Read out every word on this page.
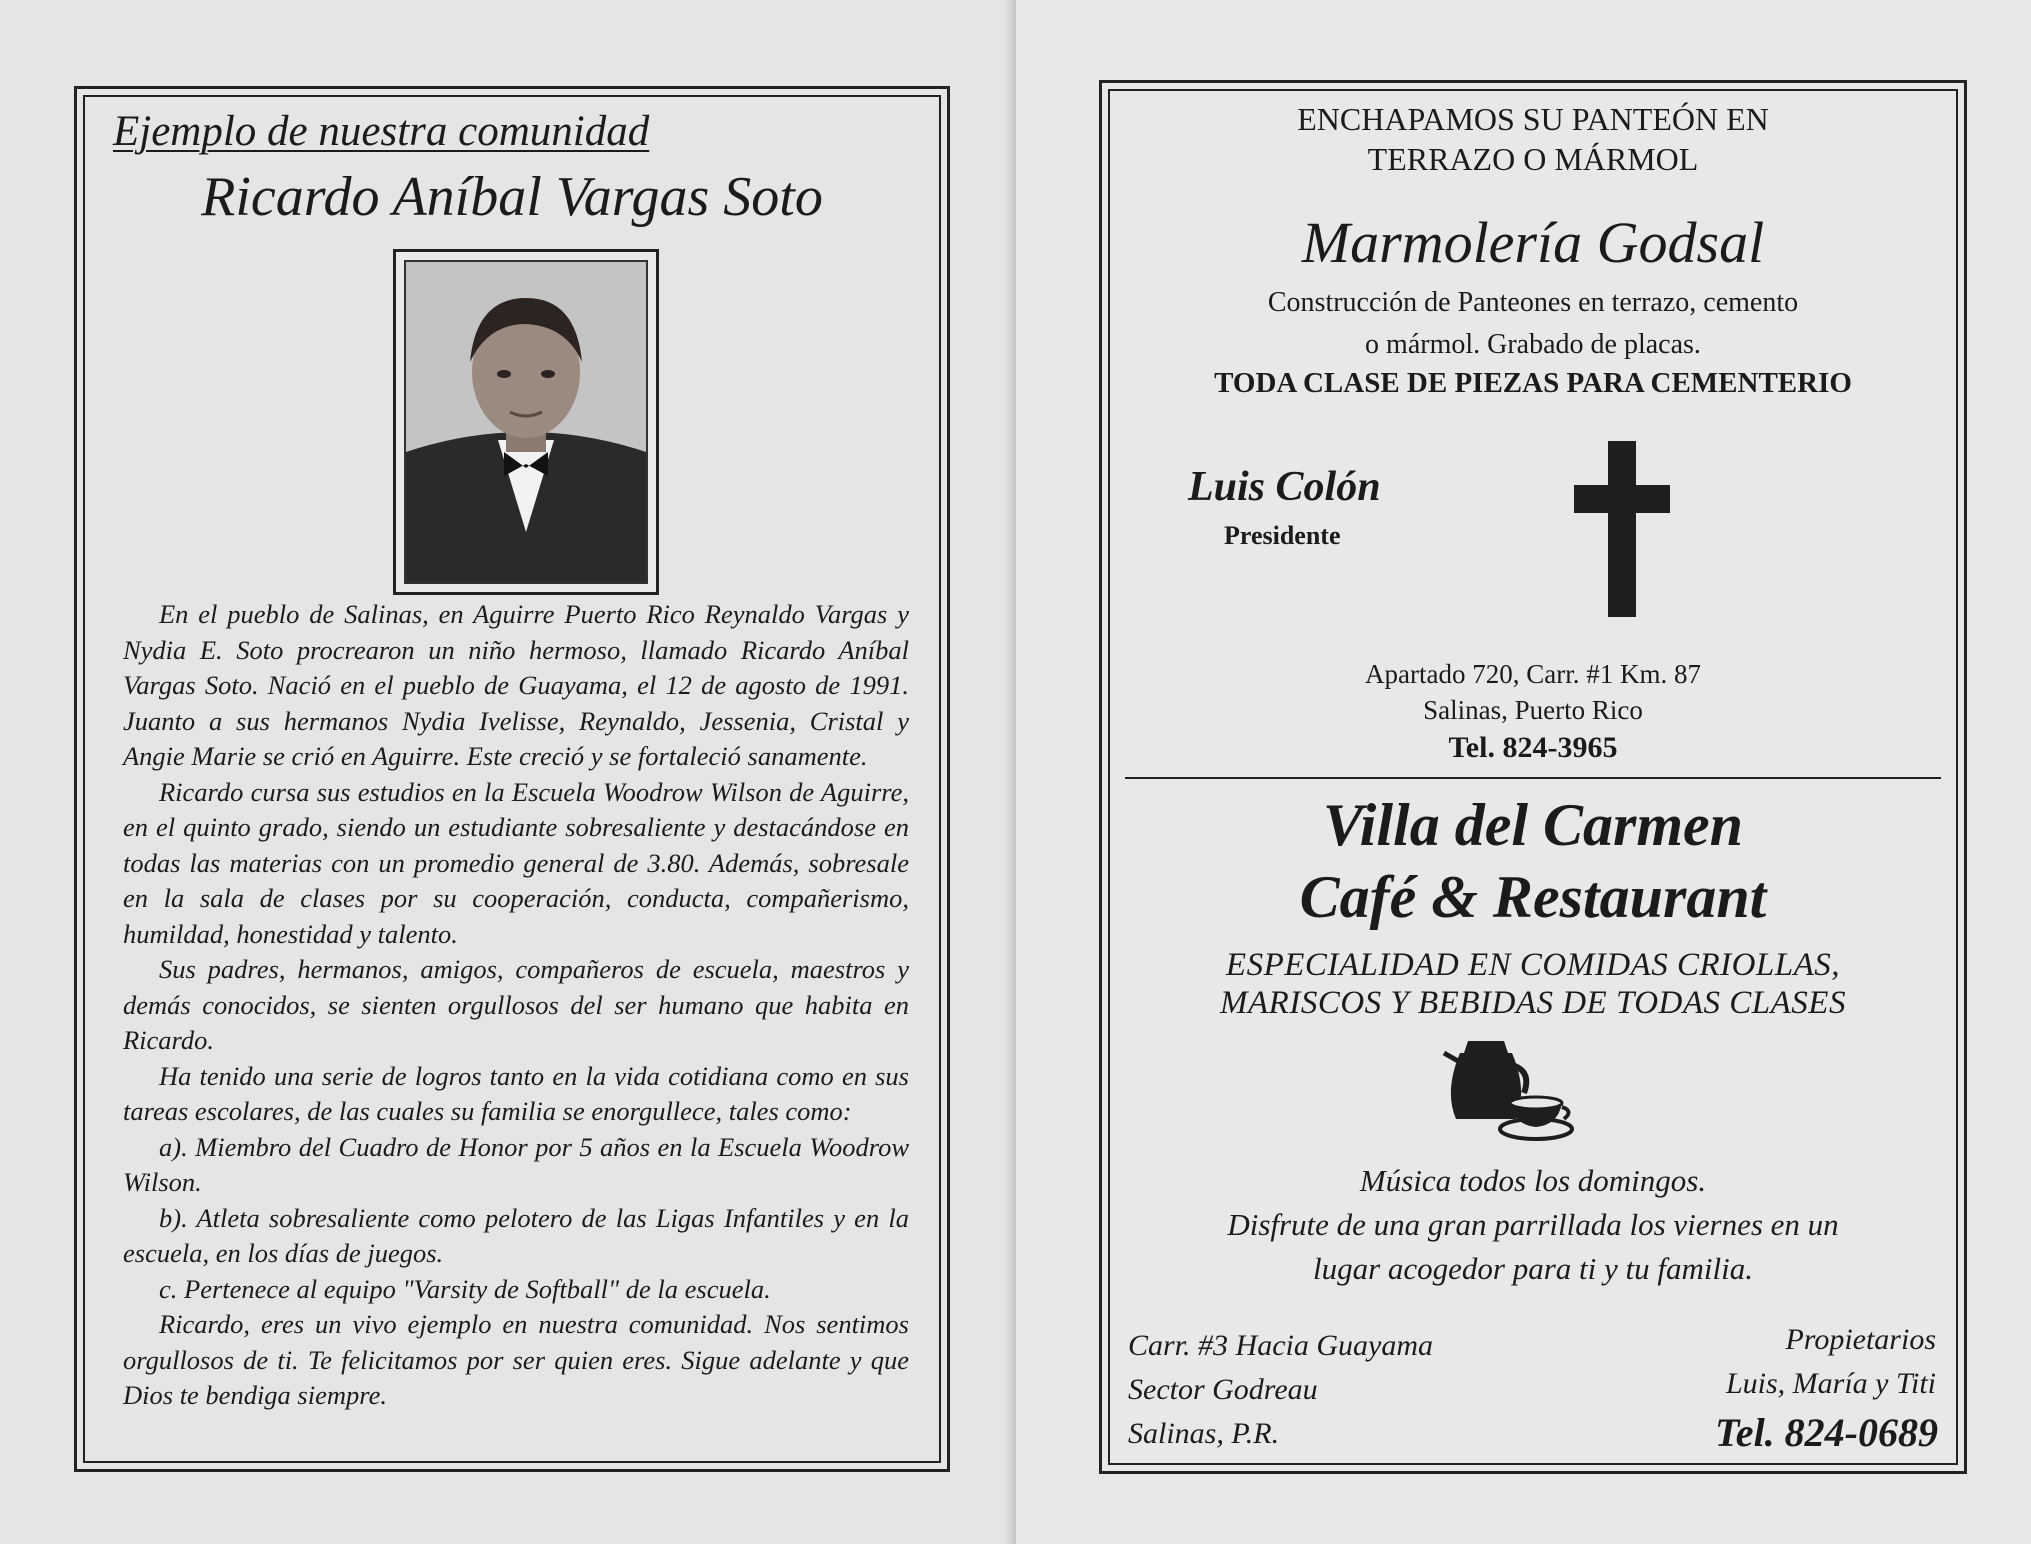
Ejemplo de nuestra comunidad
Ricardo Aníbal Vargas Soto

En el pueblo de Salinas, en Aguirre Puerto Rico Reynaldo Vargas y Nydia E. Soto procrearon un niño hermoso, llamado Ricardo Aníbal Vargas Soto. Nació en el pueblo de Guayama, el 12 de agosto de 1991. Juanto a sus hermanos Nydia Ivelisse, Reynaldo, Jessenia, Cristal y Angie Marie se crió en Aguirre. Este creció y se fortaleció sanamente.

Ricardo cursa sus estudios en la Escuela Woodrow Wilson de Aguirre, en el quinto grado, siendo un estudiante sobresaliente y destacándose en todas las materias con un promedio general de 3.80. Además, sobresale en la sala de clases por su cooperación, conducta, compañerismo, humildad, honestidad y talento.

Sus padres, hermanos, amigos, compañeros de escuela, maestros y demás conocidos, se sienten orgullosos del ser humano que habita en Ricardo.

Ha tenido una serie de logros tanto en la vida cotidiana como en sus tareas escolares, de las cuales su familia se enorgullece, tales como:

a). Miembro del Cuadro de Honor por 5 años en la Escuela Woodrow Wilson.

b). Atleta sobresaliente como pelotero de las Ligas Infantiles y en la escuela, en los días de juegos.

c. Pertenece al equipo "Varsity de Softball" de la escuela.

Ricardo, eres un vivo ejemplo en nuestra comunidad. Nos sentimos orgullosos de ti. Te felicitamos por ser quien eres. Sigue adelante y que Dios te bendiga siempre.

ENCHAPAMOS SU PANTEÓN EN
TERRAZO O MÁRMOL
Marmolería Godsal
Construcción de Panteones en terrazo, cemento
o mármol. Grabado de placas.
TODA CLASE DE PIEZAS PARA CEMENTERIO
Luis Colón
Presidente
Apartado 720, Carr. #1 Km. 87
Salinas, Puerto Rico
Tel. 824-3965
Villa del Carmen
Café & Restaurant
ESPECIALIDAD EN COMIDAS CRIOLLAS,
MARISCOS Y BEBIDAS DE TODAS CLASES
Música todos los domingos.
Disfrute de una gran parrillada los viernes en un
lugar acogedor para ti y tu familia.
Carr. #3 Hacia Guayama
Sector Godreau
Salinas, P.R.
Propietarios
Luis, María y Titi
Tel. 824-0689
